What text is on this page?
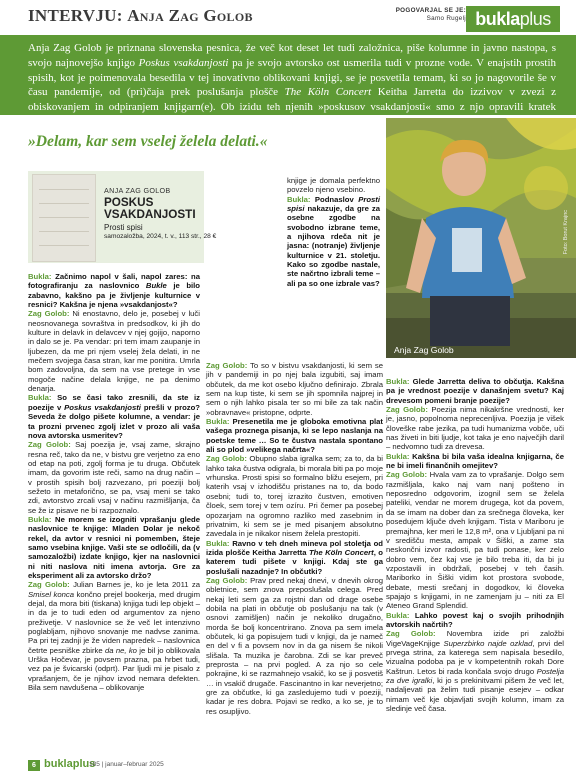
INTERVJU: Anja Zag Golob	POGOVARJAL SE JE:
Samo Rugelj buklaplus

Anja Zag Golob je priznana slovenska pesnica, že več kot deset let tudi založnica, piše kolumne in javno nastopa, s svojo najnovejšo knjigo Poskus vsakdanjosti pa je svojo avtorsko ost usmerila tudi v prozne vode. V enajstih prostih spisih, kot je poimenovala besedila v tej inovativno oblikovani knjigi, se je posvetila temam, ki so jo nagovorile še v času pandemije, od (pri)čaja prek poslušanja plošče The Köln Concert Keitha Jarretta do izzivov v zvezi z obiskovanjem in odpiranjem knjigarn(e). Ob izidu teh njenih »poskusov vsakdanjosti« smo z njo opravili kratek pogovor.

»Delam, kar sem vselej želela delati.«
Anja Zag Golob
Foto: Borut Krajnc
ANJA ZAG GOLOB
POSKUS
VSAKDANJOSTI
Prosti spisi
samozaložba, 2024, t. v., 113 str., 28 €

knjige je domala perfektno povzelo njeno vsebino.

Bukla: Podnaslov Prosti spisi nakazuje, da gre za osebne zgodbe na svobodno izbrane teme, a njihova rdeča nit je jasna: (notranje) življenje kulturnice v 21. stoletju. Kako so zgodbe nastale, ste načrtno izbrali teme – ali pa so one izbrale vas?

Bukla: Začnimo napol v šali, napol zares: na fotografiranju za naslovnico Bukle je bilo zabavno, kakšno pa je življenje kulturnice v resnici? Kakšna je njena »vsakdanjost«?

Zag Golob: Ni enostavno, delo je, posebej v luči neosnovanega sovraštva in predsodkov, ki jih do kulture in delavk in delavcev v njej gojijo, naporno in dalo se je. Pa vendar: pri tem imam zaupanje in ljubezen, da me pri njem vselej žela delati, in ne mečem svojega časa stran, kar me ponitira. Umrla bom zadovoljna, da sem na vse pretege in vse mogoče načine delala knjige, ne pa denimo denarja.

Bukla: So se časi tako zresnili, da ste iz poezije v Poskus vsakdanjosti prešli v prozo? Seveda že dolgo pišete kolumne, a vendar: je ta prozni prvenec zgolj izlet v prozo ali vaša nova avtorska usmeritev?

Zag Golob: Saj poezija je, vsaj zame, skrajno resna reč, tako da ne, v bistvu gre verjetno za eno od etap na poti, zgolj forma je tu druga. Občutek imam, da govorim iste reči, samo na drug način – v prostih spisih bolj razvezano, pri poeziji bolj sežeto in metaforično, se pa, vsaj meni se tako zdi, avtorstvo zrcali vsaj v načinu razmišljanja, ča se že iz pisave ne bi razpoznalo.

Bukla: Ne morem se izogniti vprašanju glede naslovnice te knjige: Mladen Dolar je nekoč rekel, da avtor v resnici ni pomemben, šteje samo vsebina knjige. Vaši ste se odločili, da (v samozaložbi) izdate knjigo, kjer na naslovnici ni niti naslova niti imena avtorja. Gre za eksperiment ali za avtorsko držo?

Zag Golob: Julian Barnes je, ko je leta 2011 za Smisel konca končno prejel bookerja, med drugim dejal, da mora biti (tiskana) knjiga tudi lep objekt – in da je to tudi eden od argumentov za njeno preživetje. V naslovnice se že več let intenzivno poglabljam, njihovo snovanje me nadvse zanima. Pa pri tej zadnji je že viden napredek – naslovnica četrte pesniške zbirke da ne, ko je bil jo oblikovala Urška Hočevar, je povsem prazna, pa hrbet tudi, vez pa je švicarski (odprt). Par ljudi mi je pisalo z vprašanjem, če je njihov izvod nemara defekten. Bila sem navdušena – oblikovanje

Zag Golob: To so v bistvu vsakdanjosti, ki sem se jih v pandemiji in po njej bala izgubiti, saj imam občutek, da me kot osebo ključno definirajo. Zbrala sem na kup tiste, ki sem se jih spomnila najprej in sem o njih lahko pisala ter so mi bile za tak način »obravnave« pristopne, odprte.

Bukla: Presenetila me je globoka emotivna plat vašega proznega pisanja, ki se lepo naslanja na poetske teme … So te čustva nastala spontano ali so plod »velikega načrta«?

Zag Golob: Obupno slaba igralka sem; za to, da bi lahko taka čustva odigrala, bi morala biti pa po moje vrhunska. Prosti spisi so formalno bližu esejem, pri katerih vsaj v izhodišču pristanes na to, da bodo osebni; tudi to, torej izrazito čustven, emotiven čloek, sem torej v tem ozíru. Pri čemer pa posebej opozarjam na ogromno razliko med zasebnim in privatnim, ki sem se je med pisanjem absolutno zavedala in je nikakor nisem želela prestopiti.

Bukla: Ravno v teh dneh mineva pol stoletja od izida plošče Keitha Jarretta The Köln Concert, o katerem tudi pišete v knjigi. Kdaj ste ga poslušali nazadnje? In občutki?

Zag Golob: Prav pred nekaj dnevi, v dnevih okrog obletnice, sem znova preposlušala celega. Pred nekaj leti sem ga za rojstni dan od drage osebe dobila na plati in občutje ob poslušanju na tak (v osnovi zamišljen) način je nekoliko drugačno, morda še bolj koncentrirano. Znova pa sem imela občutek, ki ga popisujem tudi v knjigi, da je nameč en del v fi a povsem nov in da ga nisem še nikoli slišala. Ta muzika je čarobna. Zdi se kar preveč preprosta – na prvi pogled. A za njo so cele pokrajine, ki se razmahnejo vsakič, ko se ji posvetiš … in vsakič drugače. Fascinantno in kar neverjetno; gre za občutke, ki ga zasledujemo tudi v poeziji, kadar je res dobra. Pojavi se redko, a ko se, je to res osupljivo.

Bukla: Glede Jarretta deliva to občutja. Kakšna pa je vrednost poezije v današnjem svetu? Kaj drevesom pomeni branje poezije?

Zag Golob: Poezija nima nikakršne vrednosti, ker je, jasno, popolnoma neprecenljiva. Poezija je višek človeške rabe jezika, pa tudi humanizma vobče, uči nas živeti in biti ljudje, kot taka je eno največjih daril – nedvomno tudi za drevesa.

Bukla: Kakšna bi bila vaša idealna knjigarna, če ne bi imeli finančnih omejitev?

Zag Golob: Hvala vam za to vprašanje. Dolgo sem razmišljala, kako naj vam nanj pošteno in neposredno odgovorim, izognil sem se želela pateliki, vendar ne morem drugega, kot da povem, da se imam na dober dan za srečnega človeka, ker posedujem ključe dveh knjigam. Tista v Mariboru je premajhna, ker meri le 12,8 m², ona v Ljubljani pa ni v središču mesta, ampak v Šiški, a zame sta neskončni izvor radosti, pa tudi ponase, ker zelo dobro vem, čez kaj vse je bilo treba iti, da bi ju vzpostavili in obdržali, posebej v teh časih. Mariborko in Šiški vidim kot prostora svobode, debate, mesti srečanj in dogodkov, ki človeka spajajo s knjigami, in ne zamenjam ju – niti za El Ateneo Grand Splendid.

Bukla: Lahko povest kaj o svojih prihodnjih avtorskih načrtih?

Zag Golob: Novembra izide pri založbi VigeVageKnjige Superzbirko najde ozklad, prvi del prvega striпa, za katerega sem napisala besedilo, vizualna podoba pa je v kompetentnih rokah Dore Kaštrun. Letos bi rada končala svojo drugo Postelja za dve igralki, ki jo s prekinitvami pišem že več let, nadaljevati pa želim tudi pisanje esejev – odkar nimam več kje objavljati svojih kolumn, imam za sledinje več časa.

6 buklaplus
185 | januar–februar 2025
